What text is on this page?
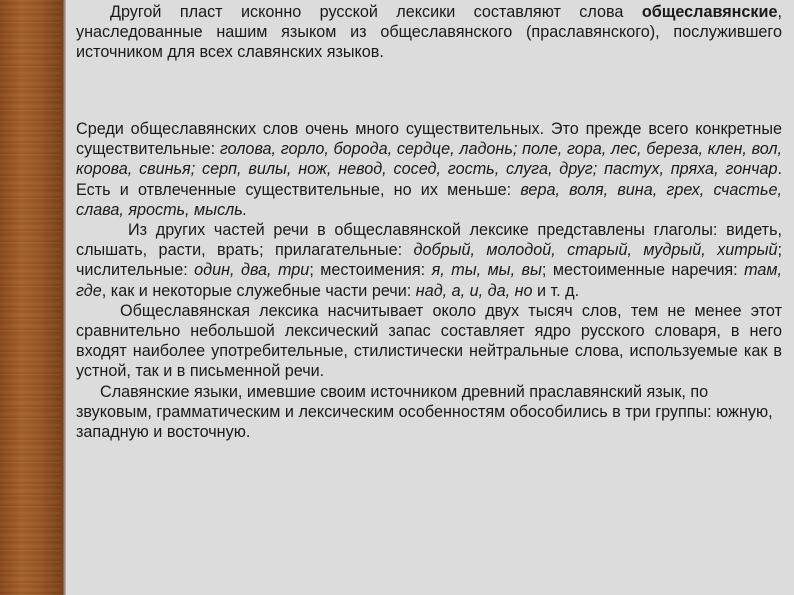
Другой пласт исконно русской лексики составляют слова общеславянские, унаследованные нашим языком из общеславянского (праславянского), послужившего источником для всех славянских языков.

Среди общеславянских слов очень много существительных. Это прежде всего конкретные существительные: голова, горло, борода, сердце, ладонь; поле, гора, лес, береза, клен, вол, корова, свинья; серп, вилы, нож, невод, сосед, гость, слуга, друг; пастух, пряха, гончар. Есть и отвлеченные существительные, но их меньше: вера, воля, вина, грех, счастье, слава, ярость, мысль.

Из других частей речи в общеславянской лексике представлены глаголы: видеть, слышать, расти, врать; прилагательные: добрый, молодой, старый, мудрый, хитрый; числительные: один, два, три; местоимения: я, ты, мы, вы; местоименные наречия: там, где, как и некоторые служебные части речи: над, а, и, да, но и т. д.

Общеславянская лексика насчитывает около двух тысяч слов, тем не менее этот сравнительно небольшой лексический запас составляет ядро русского словаря, в него входят наиболее употребительные, стилистически нейтральные слова, используемые как в устной, так и в письменной речи.

Славянские языки, имевшие своим источником древний праславянский язык, по звуковым, грамматическим и лексическим особенностям обособились в три группы: южную, западную и восточную.
